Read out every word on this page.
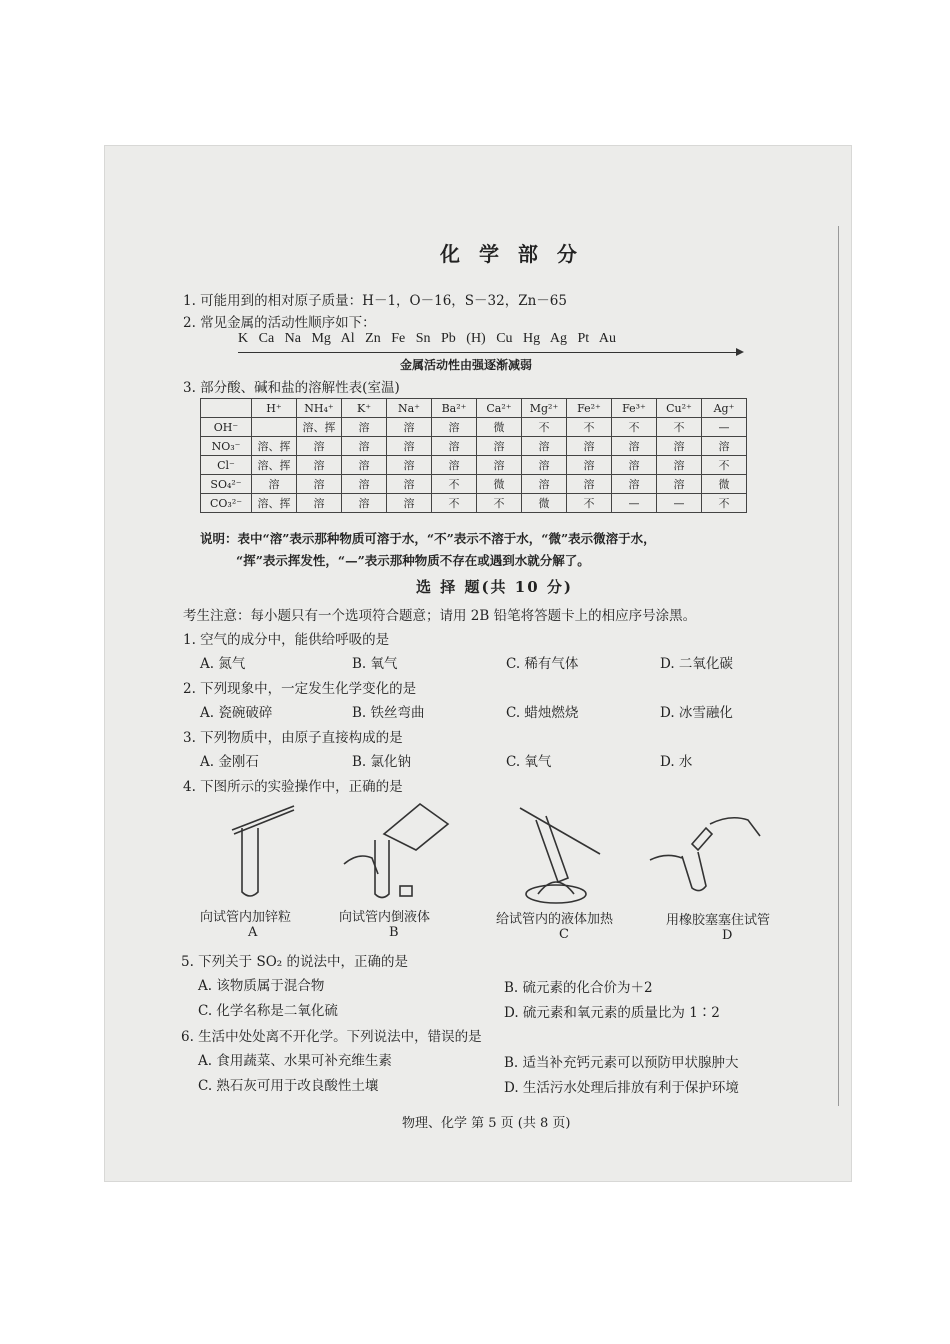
化 学 部 分
1. 可能用到的相对原子质量：H－1，O－16，S－32，Zn－65
2. 常见金属的活动性顺序如下：
K Ca Na Mg Al Zn Fe Sn Pb (H) Cu Hg Ag Pt Au
金属活动性由强逐渐减弱
3. 部分酸、碱和盐的溶解性表(室温)
	H⁺	NH₄⁺	K⁺	Na⁺	Ba²⁺	Ca²⁺	Mg²⁺	Fe²⁺	Fe³⁺	Cu²⁺	Ag⁺
OH⁻		溶、挥	溶	溶	溶	微	不	不	不	不	—
NO₃⁻	溶、挥	溶	溶	溶	溶	溶	溶	溶	溶	溶	溶
Cl⁻	溶、挥	溶	溶	溶	溶	溶	溶	溶	溶	溶	不
SO₄²⁻	溶	溶	溶	溶	不	微	溶	溶	溶	溶	微
CO₃²⁻	溶、挥	溶	溶	溶	不	不	微	不	—	—	不
说明：表中“溶”表示那种物质可溶于水，“不”表示不溶于水，“微”表示微溶于水，
“挥”表示挥发性，“—”表示那种物质不存在或遇到水就分解了。
选 择 题(共 10 分)
考生注意：每小题只有一个选项符合题意；请用 2B 铅笔将答题卡上的相应序号涂黑。
1. 空气的成分中，能供给呼吸的是
A. 氮气	B. 氧气	C. 稀有气体	D. 二氧化碳
2. 下列现象中，一定发生化学变化的是
A. 瓷碗破碎	B. 铁丝弯曲	C. 蜡烛燃烧	D. 冰雪融化
3. 下列物质中，由原子直接构成的是
A. 金刚石	B. 氯化钠	C. 氧气	D. 水
4. 下图所示的实验操作中，正确的是
向试管内加锌粒
A
向试管内倒液体
B
给试管内的液体加热
C
用橡胶塞塞住试管
D
5. 下列关于 SO₂ 的说法中，正确的是
A. 该物质属于混合物	B. 硫元素的化合价为＋2
C. 化学名称是二氧化硫	D. 硫元素和氧元素的质量比为 1∶2
6. 生活中处处离不开化学。下列说法中，错误的是
A. 食用蔬菜、水果可补充维生素	B. 适当补充钙元素可以预防甲状腺肿大
C. 熟石灰可用于改良酸性土壤	D. 生活污水处理后排放有利于保护环境
物理、化学 第 5 页 (共 8 页)
